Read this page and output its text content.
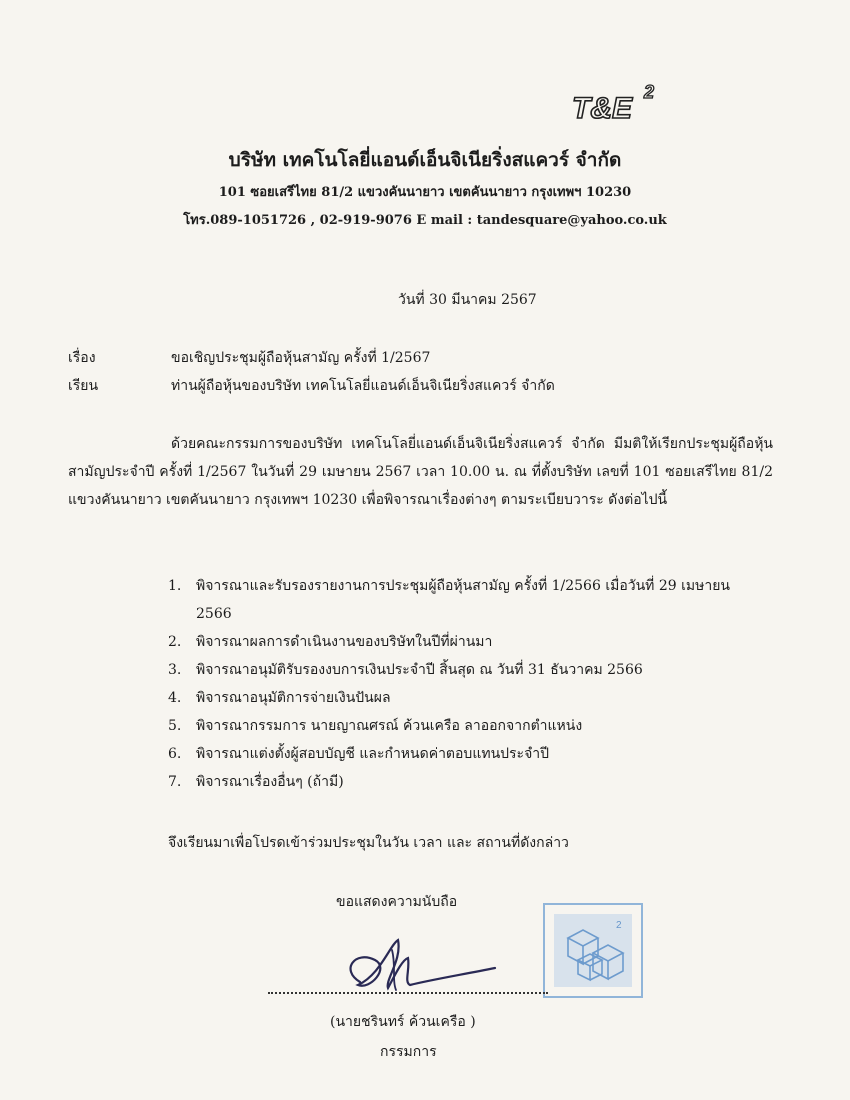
T&E 2
บริษัท เทคโนโลยี่แอนด์เอ็นจิเนียริ่งสแควร์ จำกัด
101 ซอยเสรีไทย 81/2 แขวงคันนายาว เขตคันนายาว กรุงเทพฯ 10230
โทร.089-1051726 , 02-919-9076 E mail : tandesquare@yahoo.co.uk
วันที่ 30 มีนาคม 2567
เรื่อง	ขอเชิญประชุมผู้ถือหุ้นสามัญ ครั้งที่ 1/2567
เรียน	ท่านผู้ถือหุ้นของบริษัท เทคโนโลยี่แอนด์เอ็นจิเนียริ่งสแควร์ จำกัด
ด้วยคณะกรรมการของบริษัท เทคโนโลยี่แอนด์เอ็นจิเนียริ่งสแควร์ จำกัด มีมติให้เรียกประชุมผู้ถือหุ้นสามัญประจำปี ครั้งที่ 1/2567 ในวันที่ 29 เมษายน 2567 เวลา 10.00 น. ณ ที่ตั้งบริษัท เลขที่ 101 ซอยเสรีไทย 81/2 แขวงคันนายาว เขตคันนายาว กรุงเทพฯ 10230 เพื่อพิจารณาเรื่องต่างๆ ตามระเบียบวาระ ดังต่อไปนี้
1. พิจารณาและรับรองรายงานการประชุมผู้ถือหุ้นสามัญ ครั้งที่ 1/2566 เมื่อวันที่ 29 เมษายน 2566
2. พิจารณาผลการดำเนินงานของบริษัทในปีที่ผ่านมา
3. พิจารณาอนุมัติรับรองงบการเงินประจำปี สิ้นสุด ณ วันที่ 31 ธันวาคม 2566
4. พิจารณาอนุมัติการจ่ายเงินปันผล
5. พิจารณากรรมการ นายญาณศรณ์ ค้วนเครือ ลาออกจากตำแหน่ง
6. พิจารณาแต่งตั้งผู้สอบบัญชี และกำหนดค่าตอบแทนประจำปี
7. พิจารณาเรื่องอื่นๆ (ถ้ามี)
จึงเรียนมาเพื่อโปรดเข้าร่วมประชุมในวัน เวลา และ สถานที่ดังกล่าว
ขอแสดงความนับถือ
2
(นายชรินทร์ ค้วนเครือ )
กรรมการ
